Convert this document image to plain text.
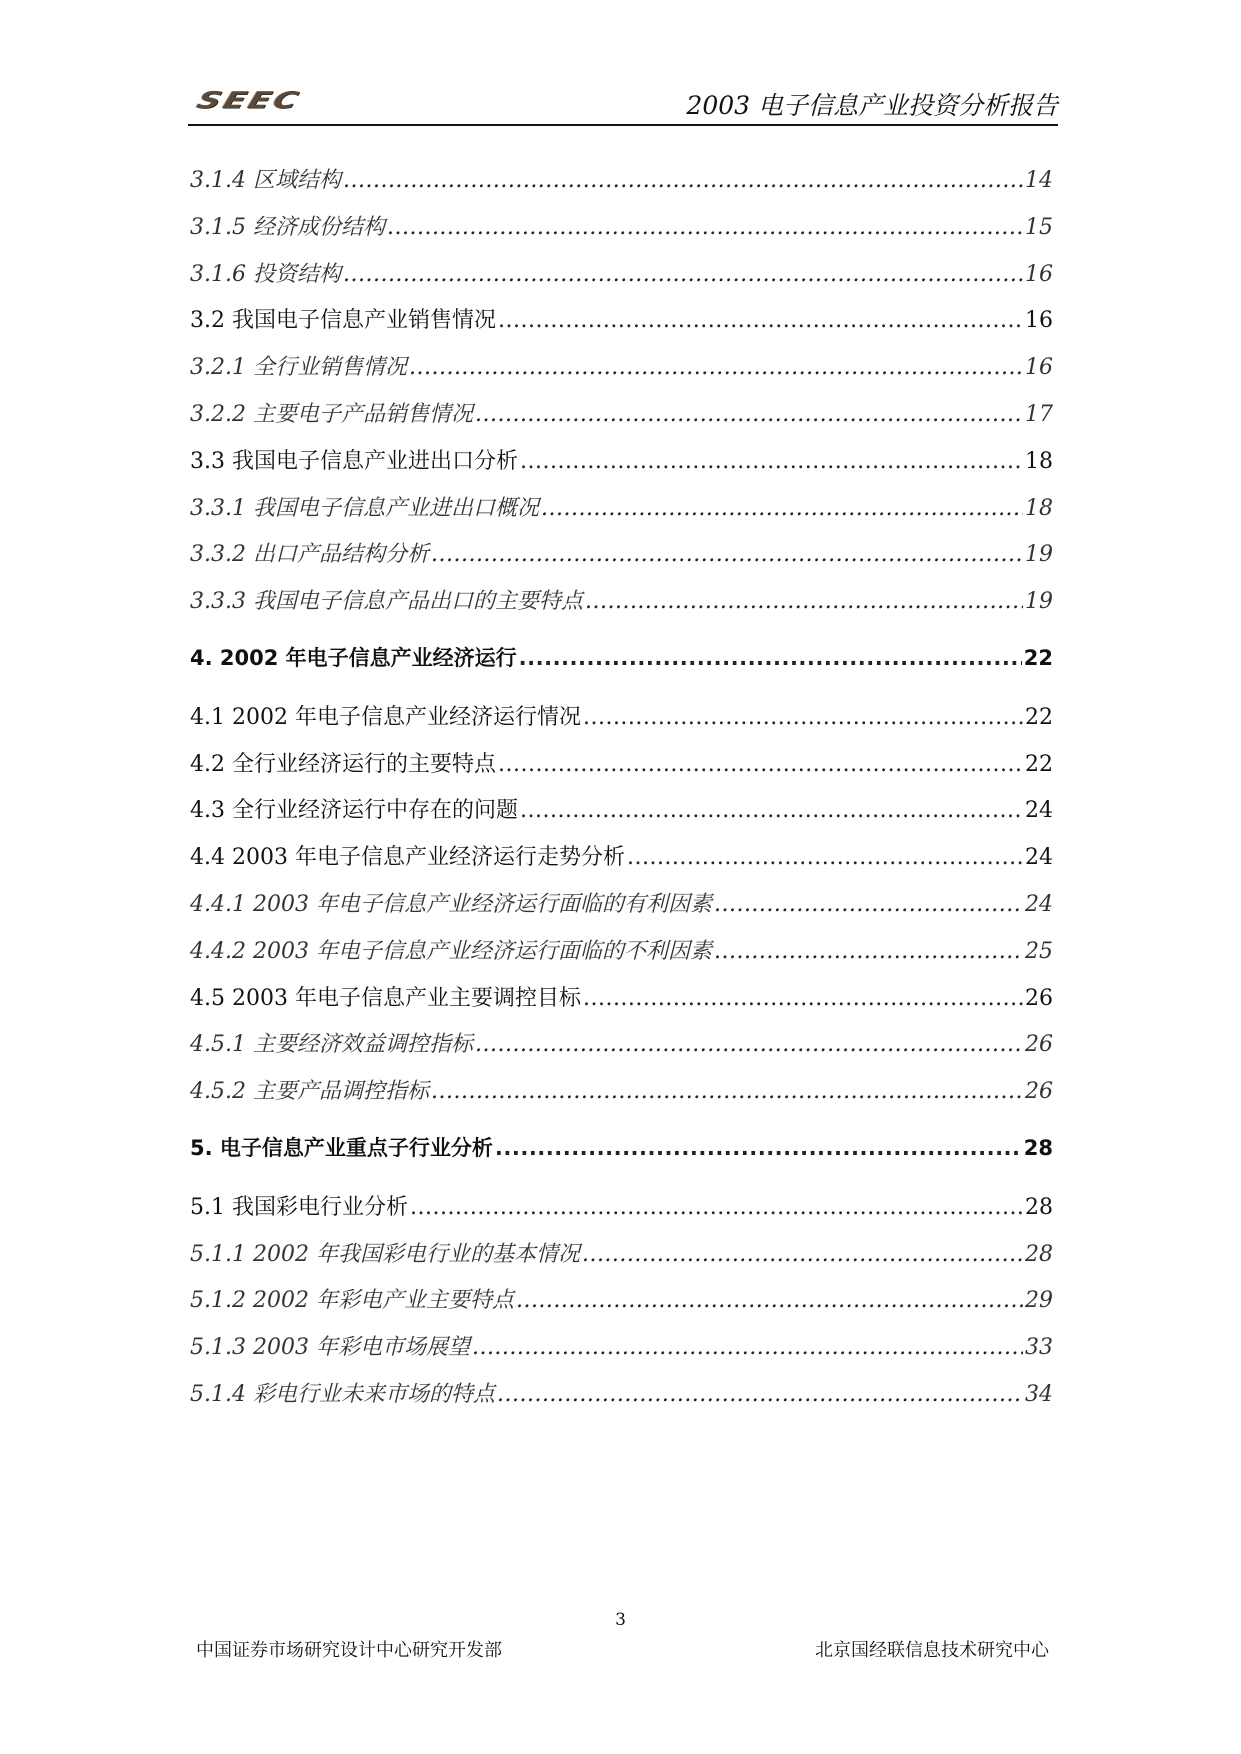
SEEC	2003 电子信息产业投资分析报告
3.1.4 区域结构 .....	14
3.1.5 经济成份结构 .....	15
3.1.6 投资结构 .....	16
3.2 我国电子信息产业销售情况 .....	16
3.2.1 全行业销售情况 .....	16
3.2.2 主要电子产品销售情况 .....	17
3.3 我国电子信息产业进出口分析 .....	18
3.3.1 我国电子信息产业进出口概况 .....	18
3.3.2 出口产品结构分析 .....	19
3.3.3 我国电子信息产品出口的主要特点 .....	19
4. 2002 年电子信息产业经济运行 .....	22
4.1 2002 年电子信息产业经济运行情况 .....	22
4.2 全行业经济运行的主要特点 .....	22
4.3 全行业经济运行中存在的问题 .....	24
4.4 2003 年电子信息产业经济运行走势分析 .....	24
4.4.1 2003 年电子信息产业经济运行面临的有利因素 .....	24
4.4.2 2003 年电子信息产业经济运行面临的不利因素 .....	25
4.5 2003 年电子信息产业主要调控目标 .....	26
4.5.1 主要经济效益调控指标 .....	26
4.5.2 主要产品调控指标 .....	26
5. 电子信息产业重点子行业分析 .....	28
5.1 我国彩电行业分析 .....	28
5.1.1 2002 年我国彩电行业的基本情况 .....	28
5.1.2 2002 年彩电产业主要特点 .....	29
5.1.3 2003 年彩电市场展望 .....	33
5.1.4 彩电行业未来市场的特点 .....	34
3
中国证券市场研究设计中心研究开发部	北京国经联信息技术研究中心
